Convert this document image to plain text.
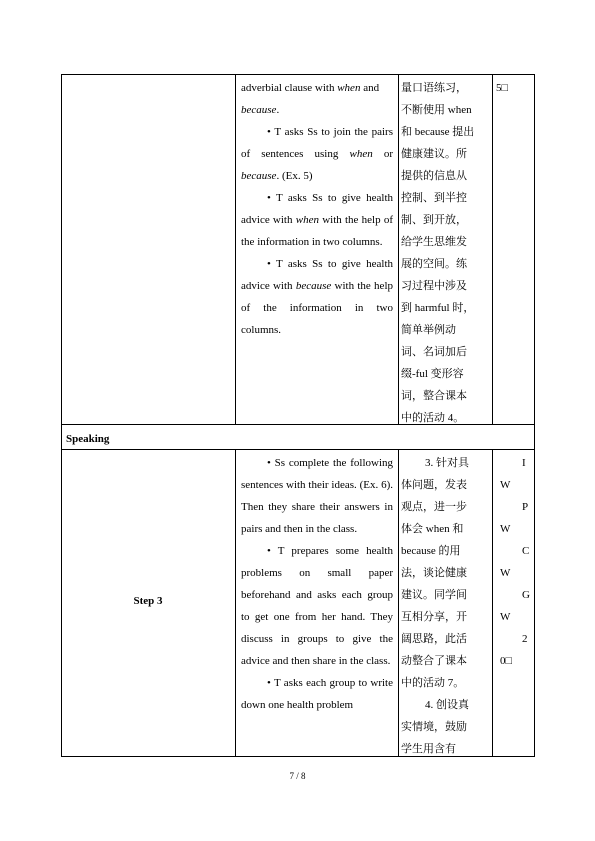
adverbial clause with when and

because.

• T asks Ss to join the pairs of sentences using when or because. (Ex. 5)

• T asks Ss to give health advice with when with the help of the information in two columns.

• T asks Ss to give health advice with because with the help of the information in two columns.

量口语练习，
不断使用 when
和 because 提出
健康建议。所
提供的信息从
控制、到半控
制、到开放，
给学生思维发
展的空间。练
习过程中涉及
到 harmful 时，
简单举例动
词、名词加后
缀-ful 变形容
词，整合课本
中的活动 4。
5□
Speaking
Step 3

• Ss complete the following sentences with their ideas. (Ex. 6). Then they share their answers in pairs and then in the class.

• T prepares some health problems on small paper beforehand and asks each group to get one from her hand. They discuss in groups to give the advice and then share in the class.

• T asks each group to write down one health problem

3. 针对具
体问题，发表
观点，进一步
体会 when 和
because 的用
法，谈论健康
建议。同学间
互相分享，开
阔思路，此活
动整合了课本
中的活动 7。
4. 创设真
实情境，鼓励
学生用含有
I
W
P
W
C
W
G
W
2
0□
7 / 8
